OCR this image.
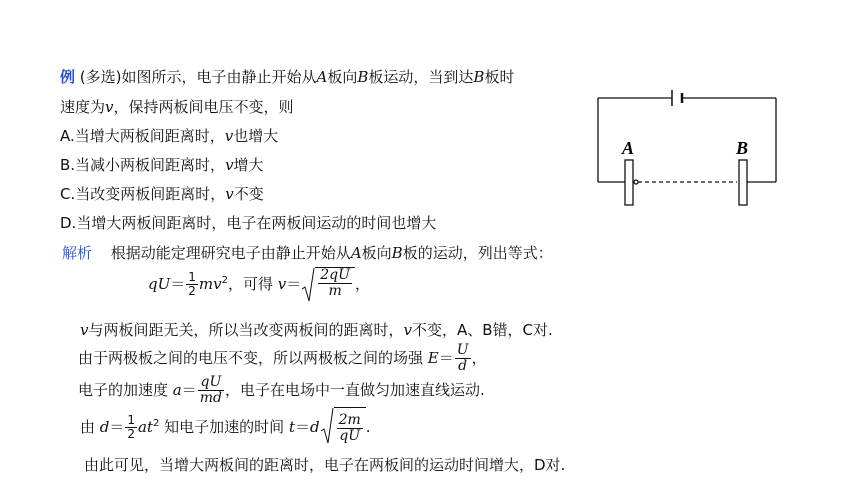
例 (多选)如图所示，电子由静止开始从A板向B板运动，当到达B板时
速度为v，保持两板间电压不变，则
A.当增大两板间距离时，v也增大
B.当减小两板间距离时，v增大
C.当改变两板间距离时，v不变
D.当增大两板间距离时，电子在两板间运动的时间也增大
解析 根据动能定理研究电子由静止开始从A板向B板的运动，列出等式：
$qU= \frac{1}{2} mv^2$，可得 $v= \frac{2qU}{m}$ ，
v与两板间距无关，所以当改变两板间的距离时，v不变，A、B错，C对.
由于两极板之间的电压不变，所以两极板之间的场强 $E= \frac{U}{d}$ ，
电子的加速度 $a= \frac{qU}{md}$ ，电子在电场中一直做匀加速直线运动.
由 $d= \frac{1}{2} at^2$ 知电子加速的时间 $t=d \frac{2m}{qU}$ .
由此可见，当增大两板间的距离时，电子在两板间的运动时间增大，D对.
A	B
